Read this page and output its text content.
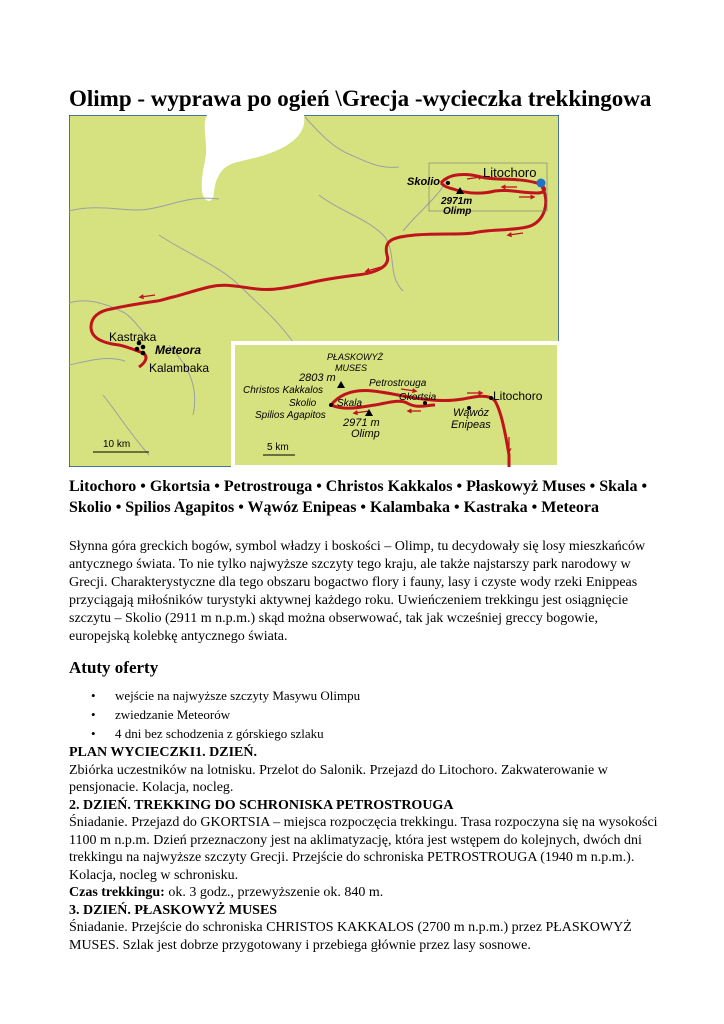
Olimp - wyprawa po ogień \Grecja -wycieczka trekkingowa
Litochoro
Skolio
2971m
Olimp
Kastraka
Meteora
Kalambaka
10 km
PŁASKOWYŻ
MUSES
2803 m	Petrostrouga
Christos Kakkalos
Skolio Skala
Gkortsia	Litochoro
Spilios Agapitos
2971 m
Olimp
Wąwóz
Enipeas
5 km
Litochoro • Gkortsia • Petrostrouga • Christos Kakkalos • Płaskowyż Muses • Skala • Skolio • Spilios Agapitos • Wąwóz Enipeas • Kalambaka • Kastraka • Meteora
Słynna góra greckich bogów, symbol władzy i boskości – Olimp, tu decydowały się losy mieszkańców antycznego świata. To nie tylko najwyższe szczyty tego kraju, ale także najstarszy park narodowy w Grecji. Charakterystyczne dla tego obszaru bogactwo flory i fauny, lasy i czyste wody rzeki Enippeas przyciągają miłośników turystyki aktywnej każdego roku. Uwieńczeniem trekkingu jest osiągnięcie szczytu – Skolio (2911 m n.p.m.) skąd można obserwować, tak jak wcześniej greccy bogowie, europejską kolebkę antycznego świata.
Atuty oferty
• wejście na najwyższe szczyty Masywu Olimpu
• zwiedzanie Meteorów
• 4 dni bez schodzenia z górskiego szlaku

PLAN WYCIECZKI1. DZIEŃ.

Zbiórka uczestników na lotnisku. Przelot do Salonik. Przejazd do Litochoro. Zakwaterowanie w pensjonacie. Kolacja, nocleg.

2. DZIEŃ. TREKKING DO SCHRONISKA PETROSTROUGA

Śniadanie. Przejazd do GKORTSIA – miejsca rozpoczęcia trekkingu. Trasa rozpoczyna się na wysokości 1100 m n.p.m. Dzień przeznaczony jest na aklimatyzację, która jest wstępem do kolejnych, dwóch dni trekkingu na najwyższe szczyty Grecji. Przejście do schroniska PETROSTROUGA (1940 m n.p.m.). Kolacja, nocleg w schronisku.

Czas trekkingu: ok. 3 godz., przewyższenie ok. 840 m.

3. DZIEŃ. PŁASKOWYŻ MUSES

Śniadanie. Przejście do schroniska CHRISTOS KAKKALOS (2700 m n.p.m.) przez PŁASKOWYŻ MUSES. Szlak jest dobrze przygotowany i przebiega głównie przez lasy sosnowe.
